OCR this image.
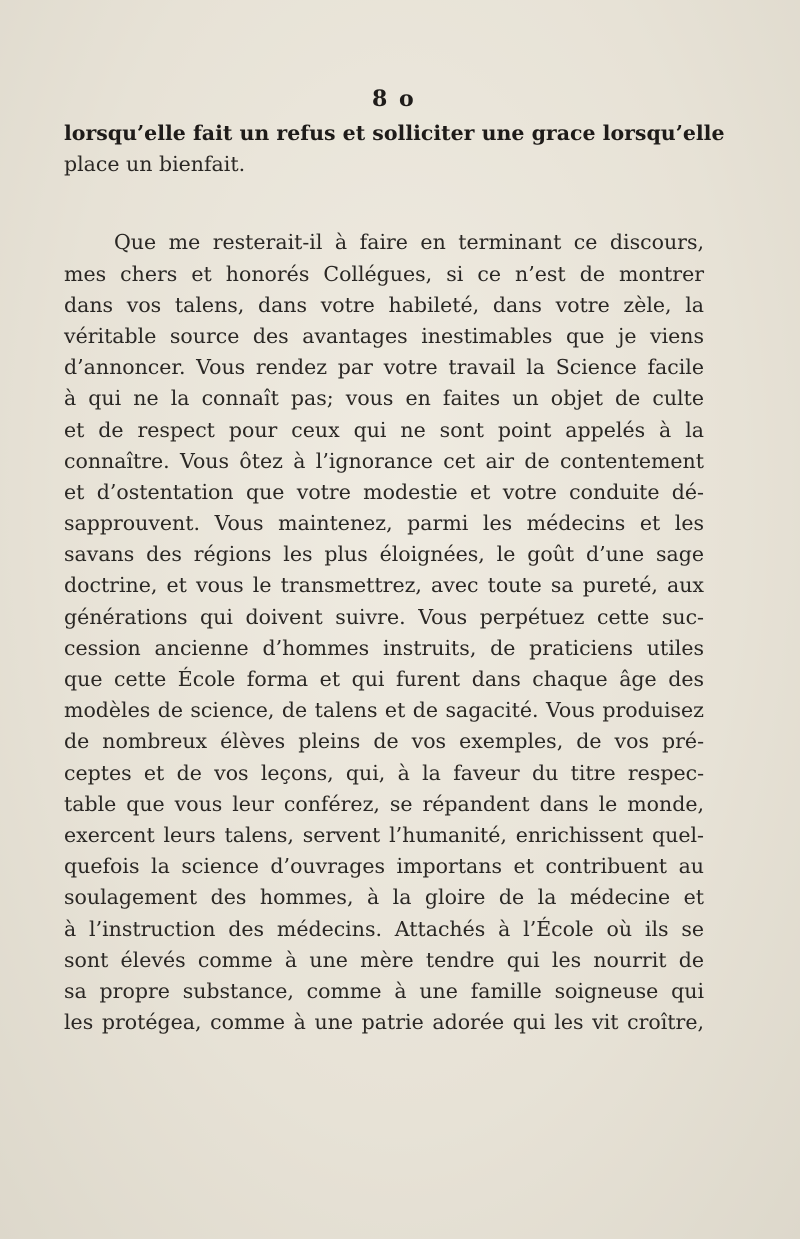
8 o
lorsqu’elle fait un refus et solliciter une grace lorsqu’elle
place un bienfait.
Que me resterait-il à faire en terminant ce discours,
mes chers et honorés Collégues, si ce n’est de montrer
dans vos talens, dans votre habileté, dans votre zèle, la
véritable source des avantages inestimables que je viens
d’annoncer. Vous rendez par votre travail la Science facile
à qui ne la connaît pas; vous en faites un objet de culte
et de respect pour ceux qui ne sont point appelés à la
connaître. Vous ôtez à l’ignorance cet air de contentement
et d’ostentation que votre modestie et votre conduite dé-
sapprouvent. Vous maintenez, parmi les médecins et les
savans des régions les plus éloignées, le goût d’une sage
doctrine, et vous le transmettrez, avec toute sa pureté, aux
générations qui doivent suivre. Vous perpétuez cette suc-
cession ancienne d’hommes instruits, de praticiens utiles
que cette École forma et qui furent dans chaque âge des
modèles de science, de talens et de sagacité. Vous produisez
de nombreux élèves pleins de vos exemples, de vos pré-
ceptes et de vos leçons, qui, à la faveur du titre respec-
table que vous leur conférez, se répandent dans le monde,
exercent leurs talens, servent l’humanité, enrichissent quel-
quefois la science d’ouvrages importans et contribuent au
soulagement des hommes, à la gloire de la médecine et
à l’instruction des médecins. Attachés à l’École où ils se
sont élevés comme à une mère tendre qui les nourrit de
sa propre substance, comme à une famille soigneuse qui
les protégea, comme à une patrie adorée qui les vit croître,
